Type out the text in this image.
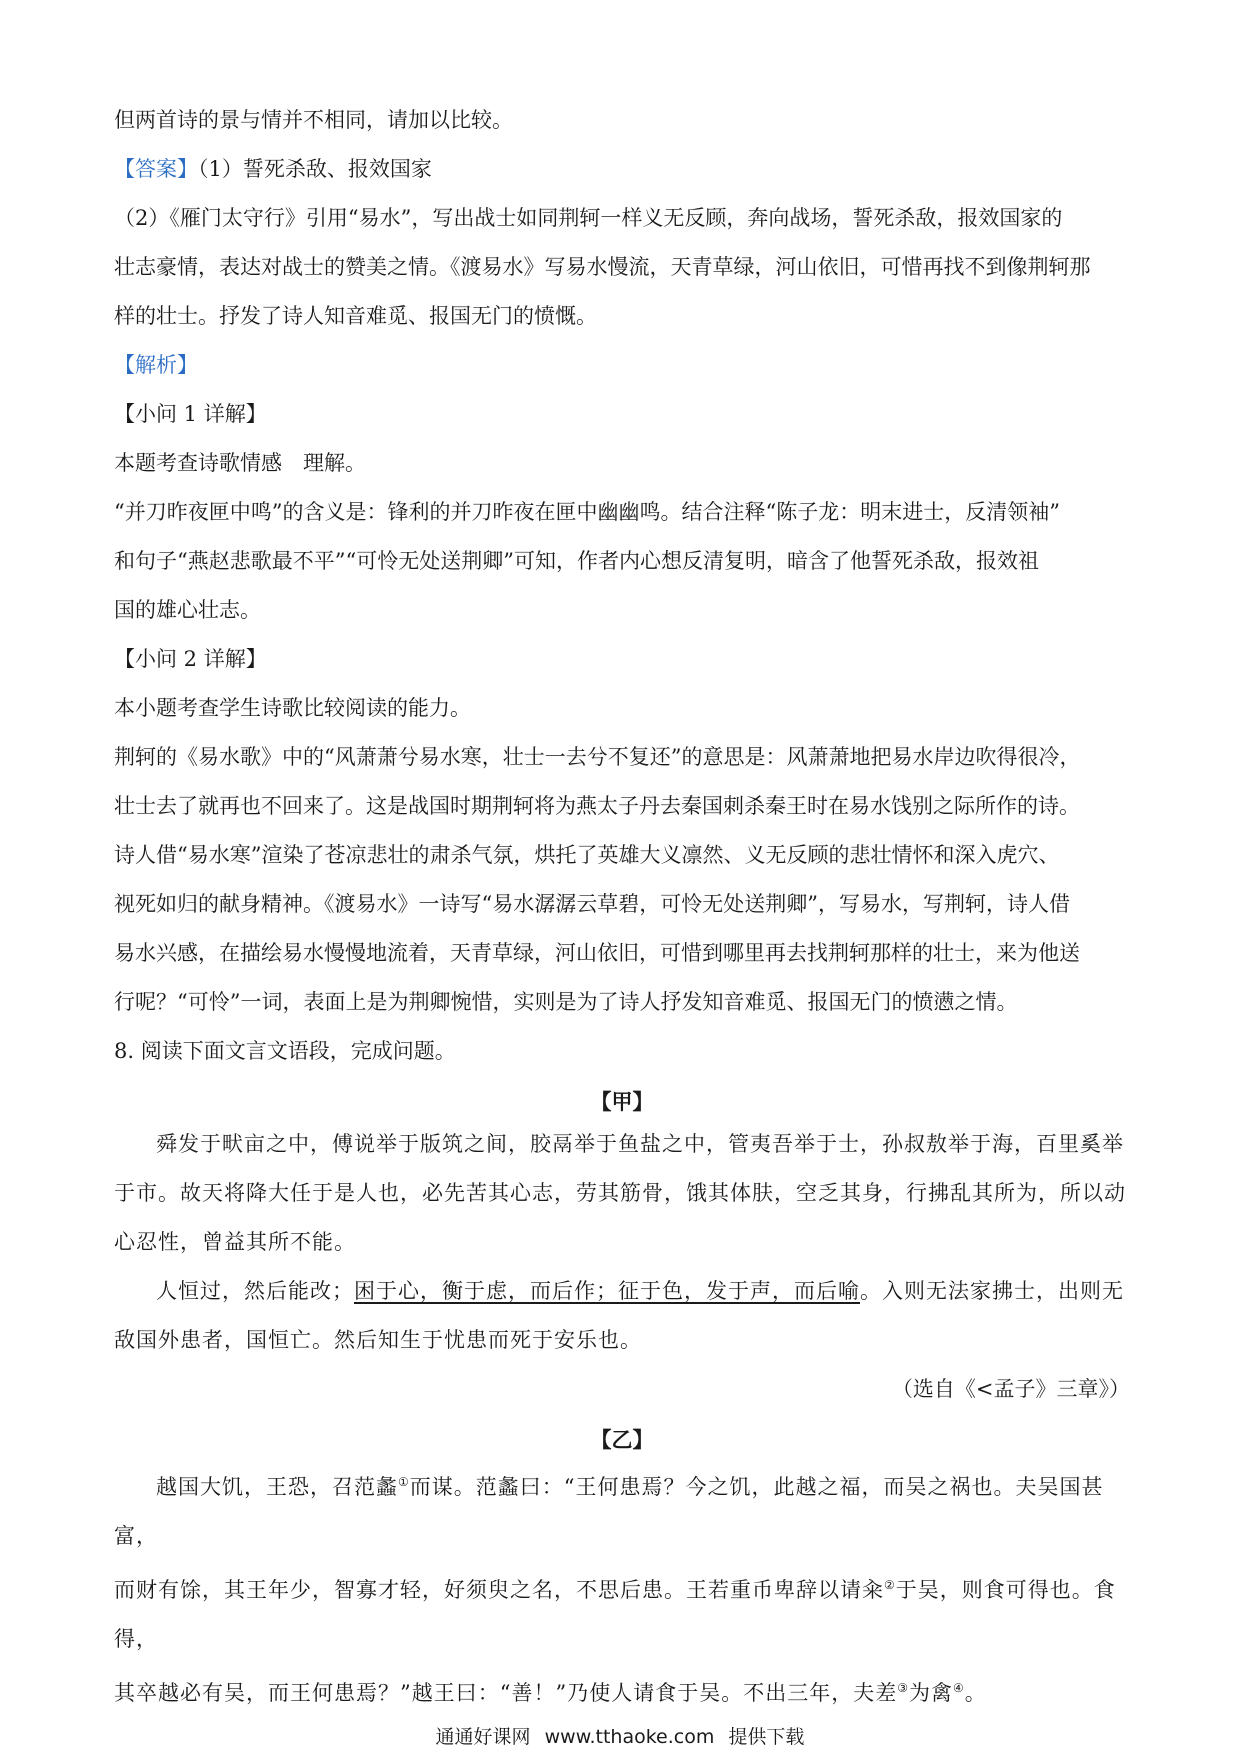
但两首诗的景与情并不相同，请加以比较。

【答案】（1）誓死杀敌、报效国家

（2）《雁门太守行》引用“易水”，写出战士如同荆轲一样义无反顾，奔向战场，誓死杀敌，报效国家的

壮志豪情，表达对战士的赞美之情。《渡易水》写易水慢流，天青草绿，河山依旧，可惜再找不到像荆轲那

样的壮士。抒发了诗人知音难觅、报国无门的愤慨。

【解析】

【小问 1 详解】

本题考查诗歌情感　理解。

“并刀昨夜匣中鸣”的含义是：锋利的并刀昨夜在匣中幽幽鸣。结合注释“陈子龙：明末进士，反清领袖”

和句子“燕赵悲歌最不平”“可怜无处送荆卿”可知，作者内心想反清复明，暗含了他誓死杀敌，报效祖

国的雄心壮志。

【小问 2 详解】

本小题考查学生诗歌比较阅读的能力。

荆轲的《易水歌》中的“风萧萧兮易水寒，壮士一去兮不复还”的意思是：风萧萧地把易水岸边吹得很冷，

壮士去了就再也不回来了。这是战国时期荆轲将为燕太子丹去秦国刺杀秦王时在易水饯别之际所作的诗。

诗人借“易水寒”渲染了苍凉悲壮的肃杀气氛，烘托了英雄大义凛然、义无反顾的悲壮情怀和深入虎穴、

视死如归的献身精神。《渡易水》一诗写“易水潺潺云草碧，可怜无处送荆卿”，写易水，写荆轲，诗人借

易水兴感，在描绘易水慢慢地流着，天青草绿，河山依旧，可惜到哪里再去找荆轲那样的壮士，来为他送

行呢？“可怜”一词，表面上是为荆卿惋惜，实则是为了诗人抒发知音难觅、报国无门的愤懑之情。

8. 阅读下面文言文语段，完成问题。

【甲】

舜发于畎亩之中，傅说举于版筑之间，胶鬲举于鱼盐之中，管夷吾举于士，孙叔敖举于海，百里奚举

于市。故天将降大任于是人也，必先苦其心志，劳其筋骨，饿其体肤，空乏其身，行拂乱其所为，所以动

心忍性，曾益其所不能。

人恒过，然后能改；困于心，衡于虑，而后作；征于色，发于声，而后喻。入则无法家拂士，出则无

敌国外患者，国恒亡。然后知生于忧患而死于安乐也。

（选自《<孟子》三章》）

【乙】

越国大饥，王恐，召范蠡①而谋。范蠡曰：“王何患焉？今之饥，此越之福，而吴之祸也。夫吴国甚富，

而财有馀，其王年少，智寡才轻，好须臾之名，不思后患。王若重币卑辞以请籴②于吴，则食可得也。食得，

其卒越必有吴，而王何患焉？”越王曰：“善！”乃使人请食于吴。不出三年，夫差③为禽④。

通通好课网 www.tthaoke.com 提供下载
